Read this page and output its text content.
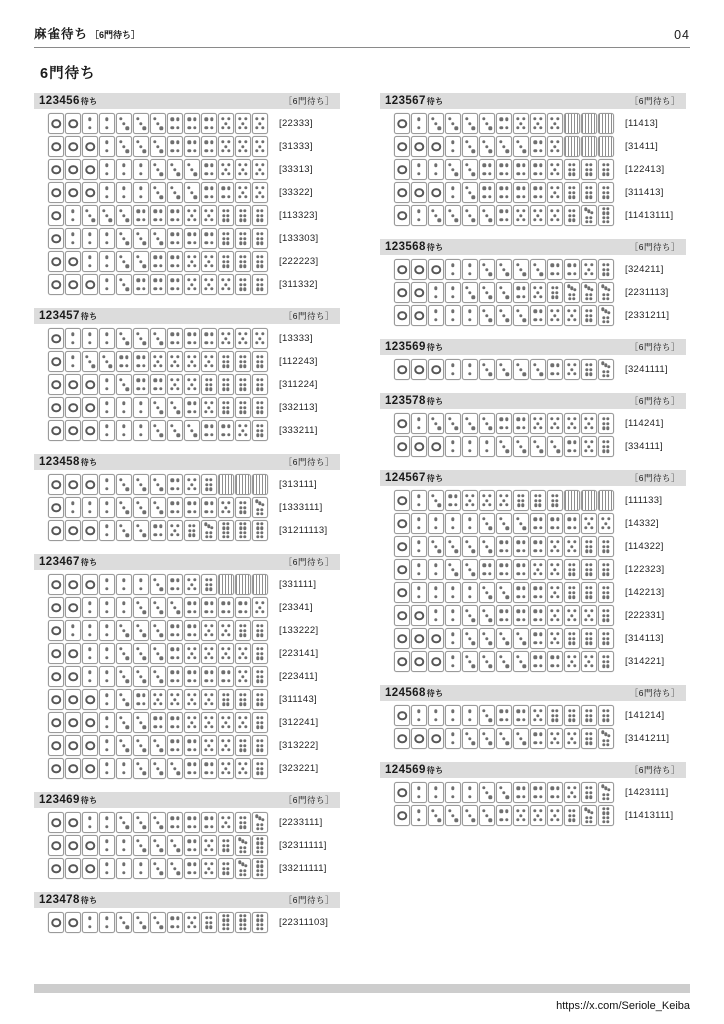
麻雀待ち ［6門待ち］	04
6門待ち
123456待ち	［6門待ち］
[22333]
[31333]
[33313]
[33322]
[113323]
[133303]
[222223]
[311332]
123457待ち	［6門待ち］
[13333]
[112243]
[311224]
[332113]
[333211]
123458待ち	［6門待ち］
[313111]
[1333111]
[31211113]
123467待ち	［6門待ち］
[331111]
[23341]
[133222]
[223141]
[223411]
[311143]
[312241]
[313222]
[323221]
123469待ち	［6門待ち］
[2233111]
[32311111]
[33211111]
123478待ち	［6門待ち］
[22311103]
123567待ち	［6門待ち］
[11413]
[31411]
[122413]
[311413]
[11413111]
123568待ち	［6門待ち］
[324211]
[2231113]
[2331211]
123569待ち	［6門待ち］
[3241111]
123578待ち	［6門待ち］
[114241]
[334111]
124567待ち	［6門待ち］
[111133]
[14332]
[114322]
[122323]
[142213]
[222331]
[314113]
[314221]
124568待ち	［6門待ち］
[141214]
[3141211]
124569待ち	［6門待ち］
[1423111]
[11413111]
https://x.com/Seriole_Keiba
